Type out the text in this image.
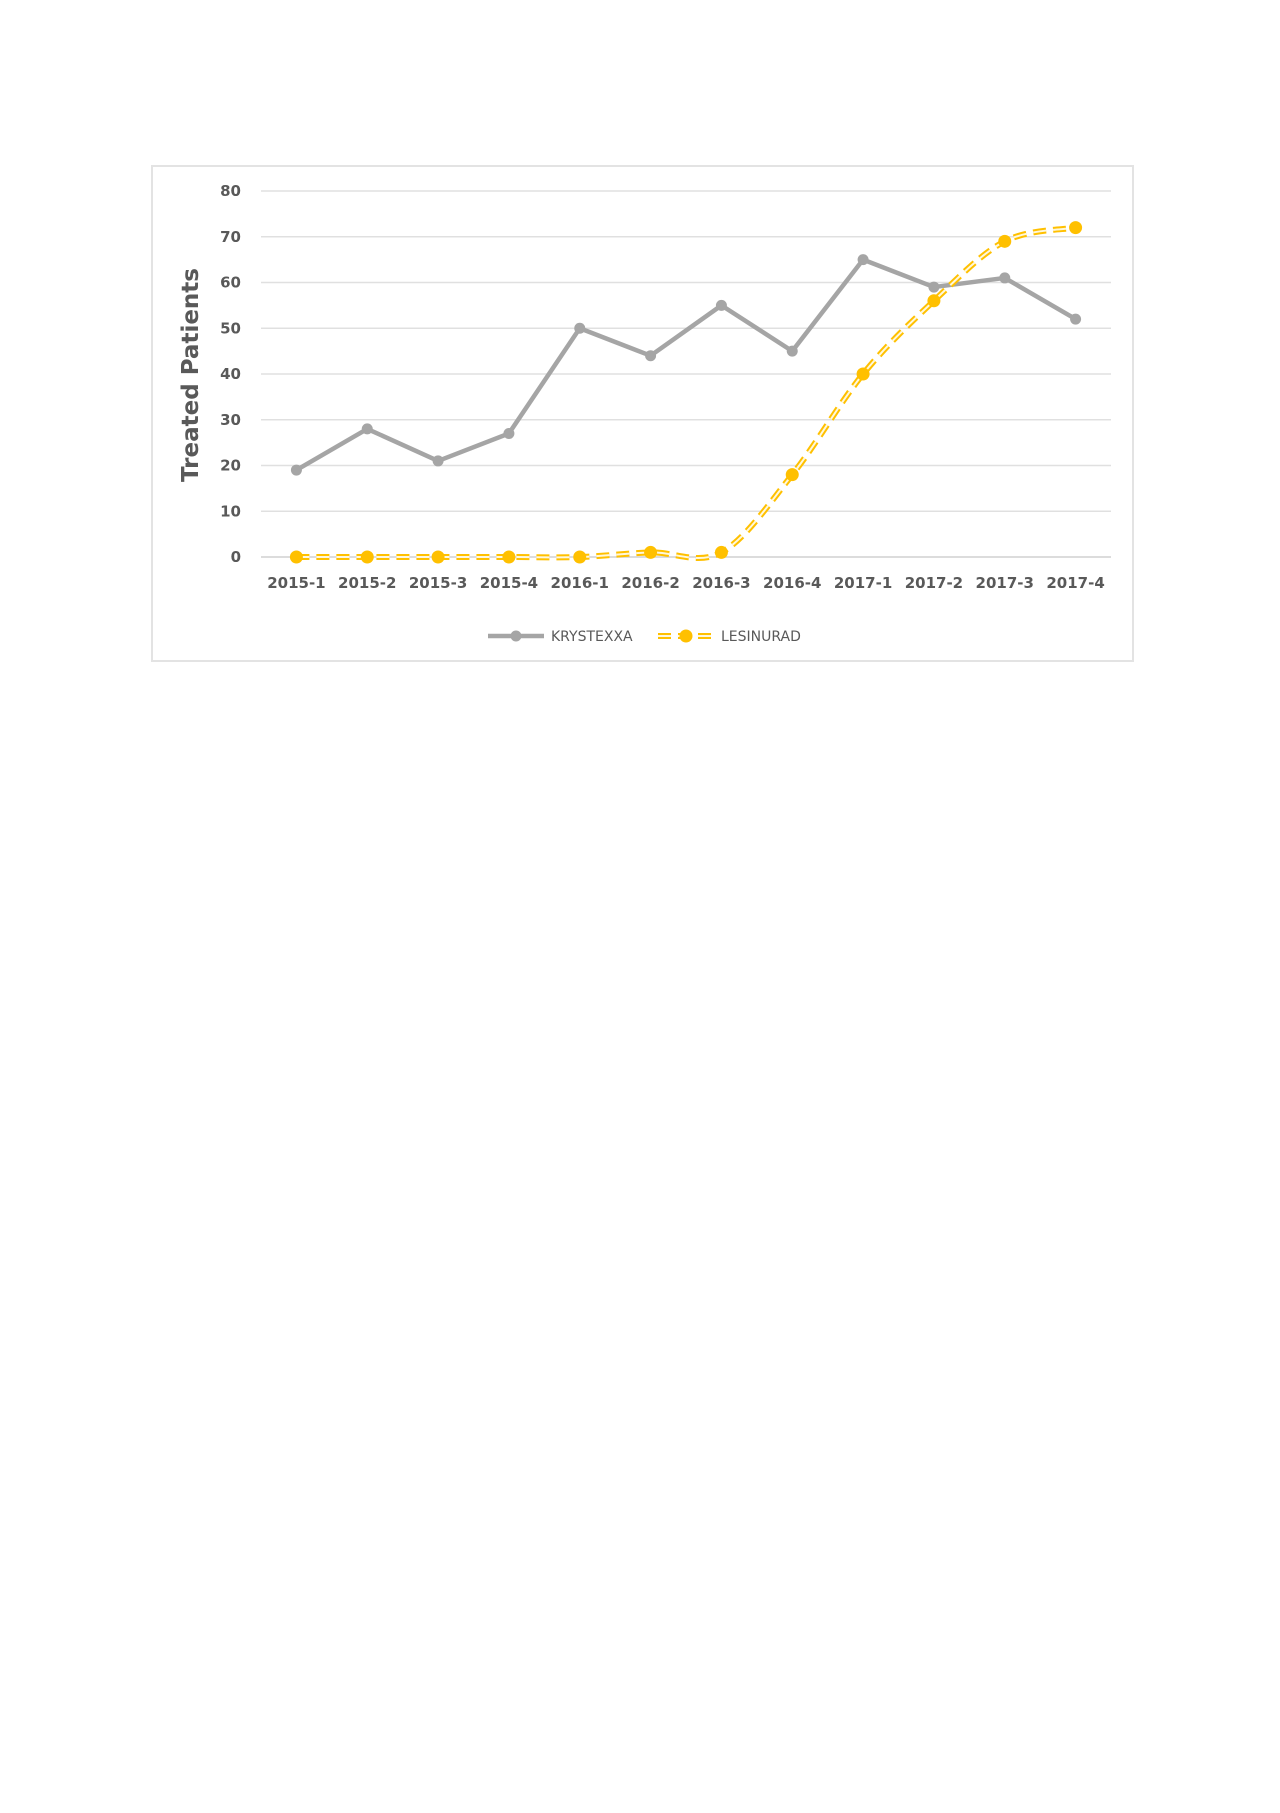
0
10
20
30
40
50
60
70
80
2015-1 2015-2 2015-3 2015-4 2016-1 2016-2 2016-3 2016-4 2017-1 2017-2 2017-3 2017-4
Treated Patients
KRYSTEXXA	LESINURAD
